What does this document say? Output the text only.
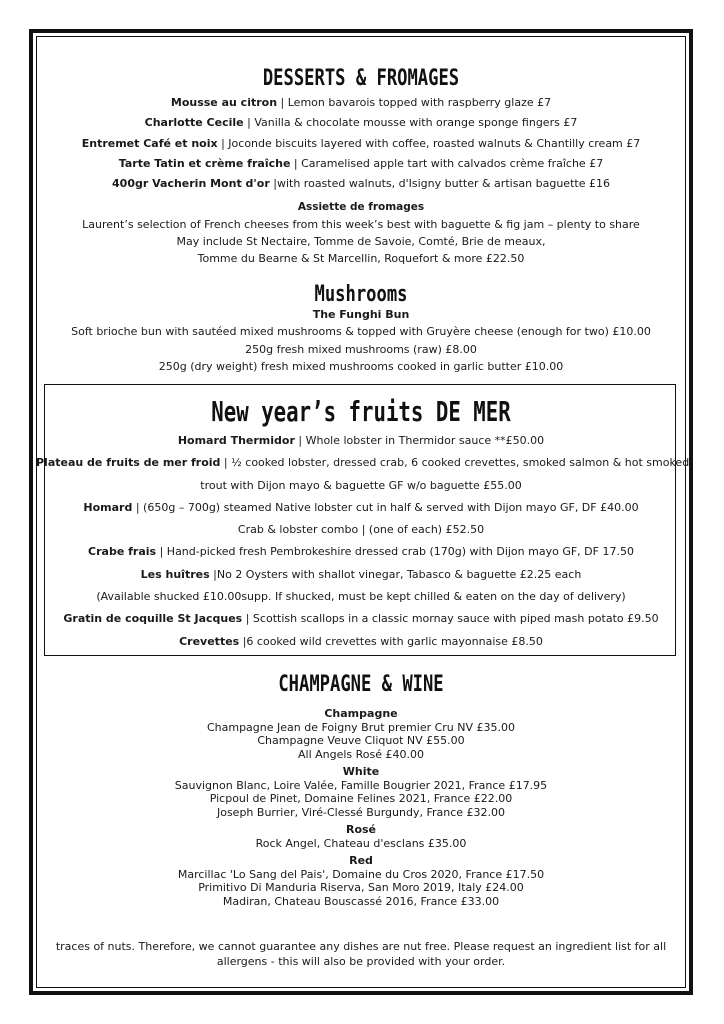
DESSERTS & FROMAGES
Mousse au citron | Lemon bavarois topped with raspberry glaze £7
Charlotte Cecile | Vanilla & chocolate mousse with orange sponge fingers £7
Entremet Café et noix | Joconde biscuits layered with coffee, roasted walnuts & Chantilly cream £7
Tarte Tatin et crème fraîche | Caramelised apple tart with calvados crème fraîche £7
400gr Vacherin Mont d'or |with roasted walnuts, d'Isigny butter & artisan baguette £16
Assiette de fromages
Laurent’s selection of French cheeses from this week’s best with baguette & fig jam – plenty to share
May include St Nectaire, Tomme de Savoie, Comté, Brie de meaux,
Tomme du Bearne & St Marcellin, Roquefort & more £22.50
Mushrooms
The Funghi Bun
Soft brioche bun with sautéed mixed mushrooms & topped with Gruyère cheese (enough for two) £10.00
250g fresh mixed mushrooms (raw) £8.00
250g (dry weight) fresh mixed mushrooms cooked in garlic butter £10.00
New year’s fruits DE MER
Homard Thermidor | Whole lobster in Thermidor sauce **£50.00
Plateau de fruits de mer froid | ½ cooked lobster, dressed crab, 6 cooked crevettes, smoked salmon & hot smoked
trout with Dijon mayo & baguette GF w/o baguette £55.00
Homard | (650g – 700g) steamed Native lobster cut in half & served with Dijon mayo GF, DF £40.00
Crab & lobster combo | (one of each) £52.50
Crabe frais | Hand-picked fresh Pembrokeshire dressed crab (170g) with Dijon mayo GF, DF 17.50
Les huîtres |No 2 Oysters with shallot vinegar, Tabasco & baguette £2.25 each
(Available shucked £10.00supp. If shucked, must be kept chilled & eaten on the day of delivery)
Gratin de coquille St Jacques | Scottish scallops in a classic mornay sauce with piped mash potato £9.50
Crevettes |6 cooked wild crevettes with garlic mayonnaise £8.50
CHAMPAGNE & WINE
Champagne
Champagne Jean de Foigny Brut premier Cru NV £35.00
Champagne Veuve Cliquot NV £55.00
All Angels Rosé £40.00
White
Sauvignon Blanc, Loire Valée, Famille Bougrier 2021, France £17.95
Picpoul de Pinet, Domaine Felines 2021, France £22.00
Joseph Burrier, Viré-Clessé Burgundy, France £32.00
Rosé
Rock Angel, Chateau d'esclans £35.00
Red
Marcillac 'Lo Sang del Pais', Domaine du Cros 2020, France £17.50
Primitivo Di Manduria Riserva, San Moro 2019, Italy £24.00
Madiran, Chateau Bouscassé 2016, France £33.00
traces of nuts. Therefore, we cannot guarantee any dishes are nut free. Please request an ingredient list for all
allergens - this will also be provided with your order.
